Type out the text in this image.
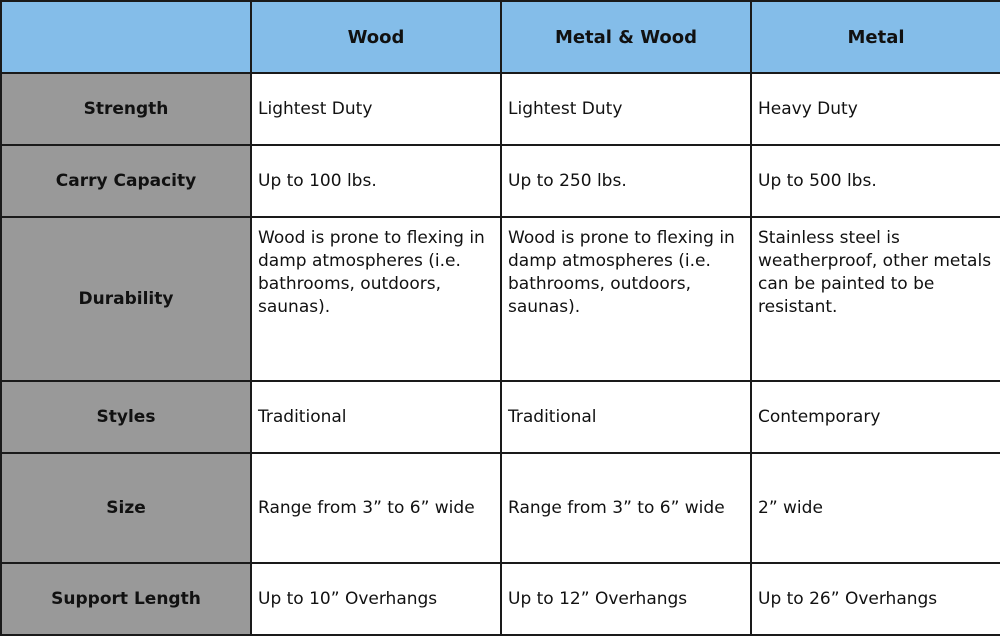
	Wood	Metal & Wood	Metal
Strength	Lightest Duty	Lightest Duty	Heavy Duty
Carry Capacity	Up to 100 lbs.	Up to 250 lbs.	Up to 500 lbs.
Durability	Wood is prone to flexing in damp atmospheres (i.e. bathrooms, outdoors, saunas).	Wood is prone to flexing in damp atmospheres (i.e. bathrooms, outdoors, saunas).	Stainless steel is weatherproof, other metals can be painted to be resistant.
Styles	Traditional	Traditional	Contemporary
Size	Range from 3” to 6” wide	Range from 3” to 6” wide	2” wide
Support Length	Up to 10” Overhangs	Up to 12” Overhangs	Up to 26” Overhangs
